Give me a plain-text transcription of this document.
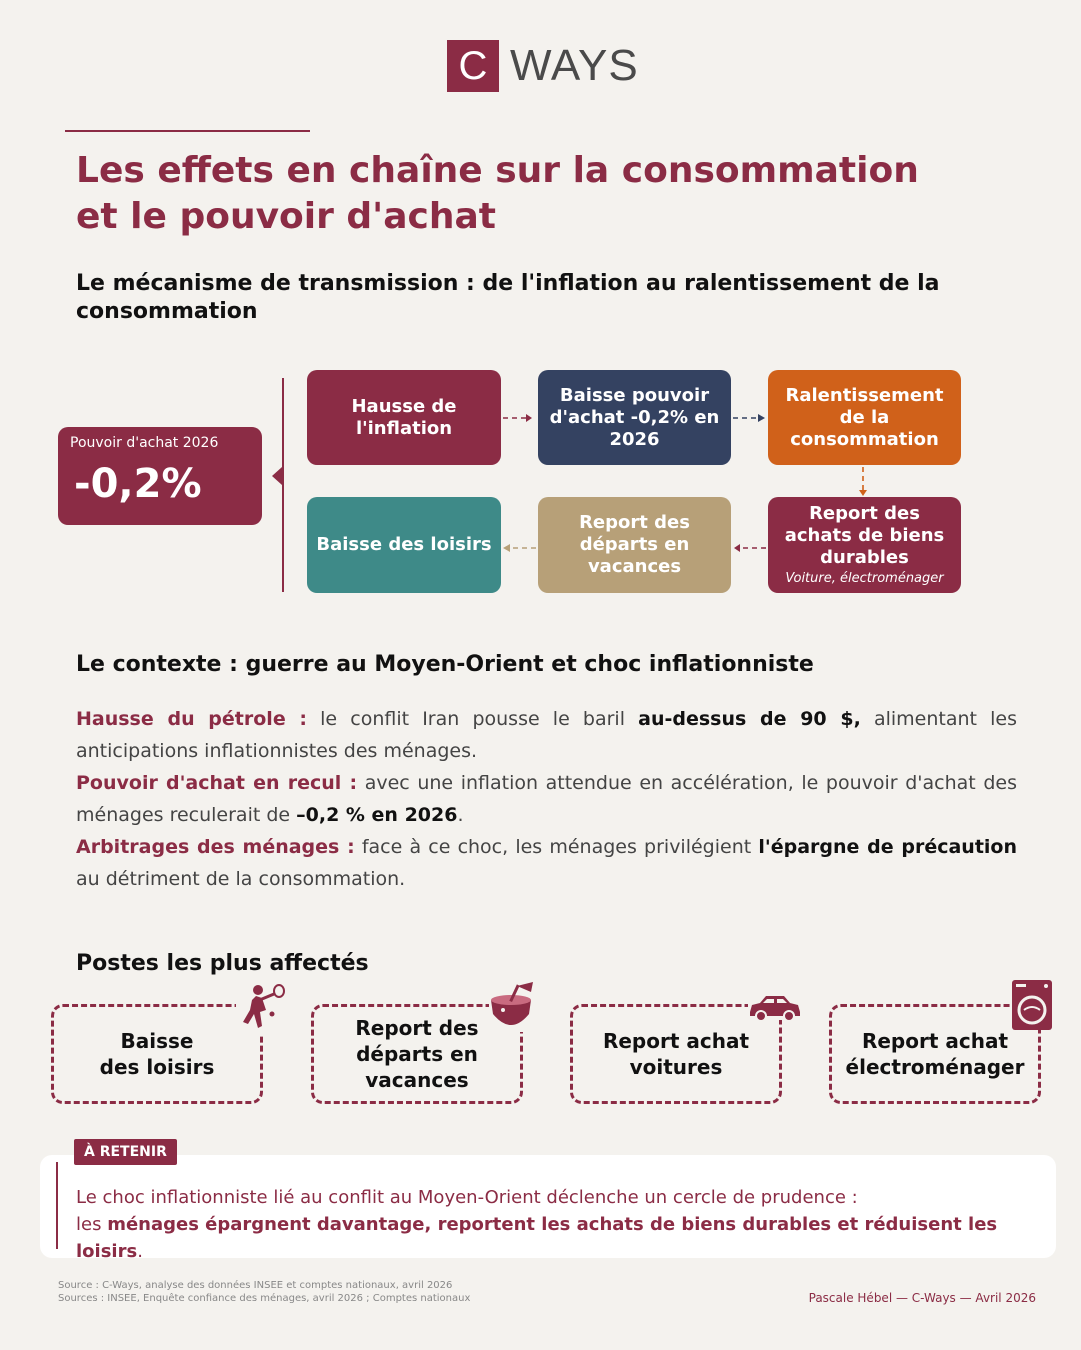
C WAYS
Les effets en chaîne sur la consommation
et le pouvoir d'achat
Le mécanisme de transmission : de l'inflation au ralentissement de la consommation
Pouvoir d'achat 2026
-0,2%
Hausse de l'inflation
Baisse pouvoir d'achat -0,2% en 2026
Ralentissement de la consommation
Report des achats de biens durables
Voiture, électroménager
Report des départs en vacances
Baisse des loisirs
Le contexte : guerre au Moyen-Orient et choc inflationniste

Hausse du pétrole : le conflit Iran pousse le baril au-dessus de 90 $, alimentant les anticipations inflationnistes des ménages.

Pouvoir d'achat en recul : avec une inflation attendue en accélération, le pouvoir d'achat des ménages reculerait de –0,2 % en 2026.

Arbitrages des ménages : face à ce choc, les ménages privilégient l'épargne de précaution au détriment de la consommation.

Postes les plus affectés
Baisse
des loisirs
Report des
départs en
vacances
Report achat
voitures
Report achat
électroménager
À RETENIR
Le choc inflationniste lié au conflit au Moyen-Orient déclenche un cercle de prudence :
les ménages épargnent davantage, reportent les achats de biens durables et réduisent les loisirs.
Source : C-Ways, analyse des données INSEE et comptes nationaux, avril 2026
Sources : INSEE, Enquête confiance des ménages, avril 2026 ; Comptes nationaux	Pascale Hébel — C-Ways — Avril 2026
